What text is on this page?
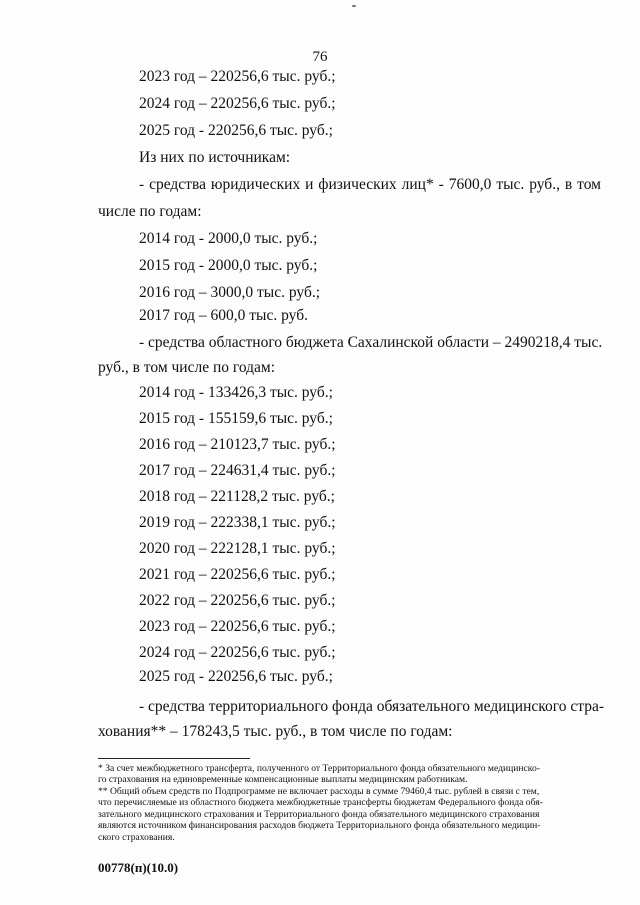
76
2023 год – 220256,6 тыс. руб.;
2024 год – 220256,6 тыс. руб.;
2025 год - 220256,6 тыс. руб.;
Из них по источникам:
- средства юридических и физических лиц* - 7600,0 тыс. руб., в том
числе по годам:
2014 год - 2000,0 тыс. руб.;
2015 год - 2000,0 тыс. руб.;
2016 год – 3000,0 тыс. руб.;
2017 год – 600,0 тыс. руб.
- средства областного бюджета Сахалинской области – 2490218,4 тыс.
руб., в том числе по годам:
2014 год - 133426,3 тыс. руб.;
2015 год - 155159,6 тыс. руб.;
2016 год – 210123,7 тыс. руб.;
2017 год – 224631,4 тыс. руб.;
2018 год – 221128,2 тыс. руб.;
2019 год – 222338,1 тыс. руб.;
2020 год – 222128,1 тыс. руб.;
2021 год – 220256,6 тыс. руб.;
2022 год – 220256,6 тыс. руб.;
2023 год – 220256,6 тыс. руб.;
2024 год – 220256,6 тыс. руб.;
2025 год - 220256,6 тыс. руб.;
- средства территориального фонда обязательного медицинского стра-
хования** – 178243,5 тыс. руб., в том числе по годам:
* За счет межбюджетного трансферта, полученного от Территориального фонда обязательного медицинско-
го страхования на единовременные компенсационные выплаты медицинским работникам.
** Общий объем средств по Подпрограмме не включает расходы в сумме 79460,4 тыс. рублей в связи с тем,
что перечисляемые из областного бюджета межбюджетные трансферты бюджетам Федерального фонда обя-
зательного медицинского страхования и Территориального фонда обязательного медицинского страхования
являются источником финансирования расходов бюджета Территориального фонда обязательного медицин-
ского страхования.
00778(п)(10.0)
